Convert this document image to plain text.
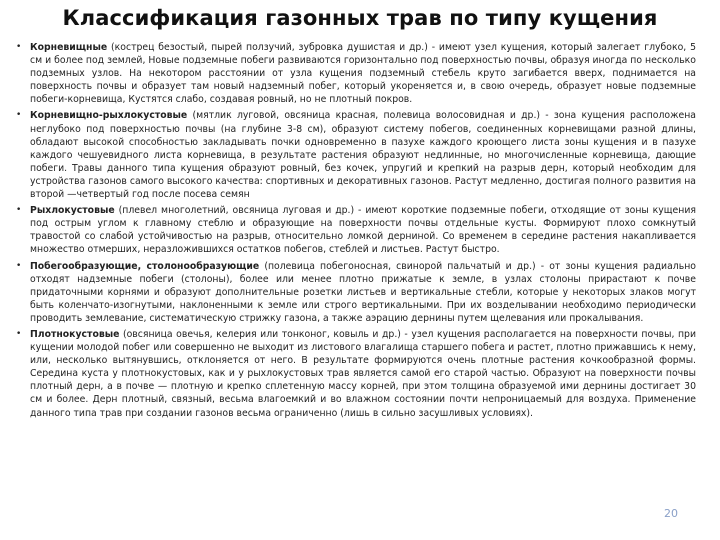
Классификация газонных трав по типу кущения
• Корневищные (кострец безостый, пырей ползучий, зубровка душистая и др.) - имеют узел кущения, который залегает глубоко, 5 см и более под землей, Новые подземные побеги развиваются горизонтально под поверхностью почвы, образуя иногда по несколько подземных узлов. На некотором расстоянии от узла кущения подземный стебель круто загибается вверх, поднимается на поверхность почвы и образует там новый надземный побег, который укореняется и, в свою очередь, образует новые подземные побеги-корневища, Кустятся слабо, создавая ровный, но не плотный покров.
• Корневищно-рыхлокустовые (мятлик луговой, овсяница красная, полевица волосовидная и др.) - зона кущения расположена неглубоко под поверхностью почвы (на глубине 3-8 см), образуют систему побегов, соединенных корневищами разной длины, обладают высокой способностью закладывать почки одновременно в пазухе каждого кроющего листа зоны кущения и в пазухе каждого чешуевидного листа корневища, в результате растения образуют недлинные, но многочисленные корневища, дающие побеги. Травы данного типа кущения образуют ровный, без кочек, упругий и крепкий на разрыв дерн, который необходим для устройства газонов самого высокого качества: спортивных и декоративных газонов. Растут медленно, достигая полного развития на второй —четвертый год после посева семян
• Рыхлокустовые (плевел многолетний, овсяница луговая и др.) - имеют короткие подземные побеги, отходящие от зоны кущения под острым углом к главному стеблю и образующие на поверхности почвы отдельные кусты. Формируют плохо сомкнутый травостой со слабой устойчивостью на разрыв, относительно ломкой дерниной. Со временем в середине растения накапливается множество отмерших, неразложившихся остатков побегов, стеблей и листьев. Растут быстро.
• Побегообразующие, столонообразующие (полевица побегоносная, свинорой пальчатый и др.) - от зоны кущения радиально отходят надземные побеги (столоны), более или менее плотно прижатые к земле, в узлах столоны прирастают к почве придаточными корнями и образуют дополнительные розетки листьев и вертикальные стебли, которые у некоторых злаков могут быть коленчато-изогнутыми, наклоненными к земле или строго вертикальными. При их возделывании необходимо периодически проводить землевание, систематическую стрижку газона, а также аэрацию дернины путем щелевания или прокалывания.
• Плотнокустовые (овсяница овечья, келерия или тонконог, ковыль и др.) - узел кущения располагается на поверхности почвы, при кущении молодой побег или совершенно не выходит из листового влагалища старшего побега и растет, плотно прижавшись к нему, или, несколько вытянувшись, отклоняется от него. В результате формируются очень плотные растения кочкообразной формы. Середина куста у плотнокустовых, как и у рыхлокустовых трав является самой его старой частью. Образуют на поверхности почвы плотный дерн, а в почве — плотную и крепко сплетенную массу корней, при этом толщина образуемой ими дернины достигает 30 см и более. Дерн плотный, связный, весьма влагоемкий и во влажном состоянии почти непроницаемый для воздуха. Применение данного типа трав при создании газонов весьма ограниченно (лишь в сильно засушливых условиях).
20
